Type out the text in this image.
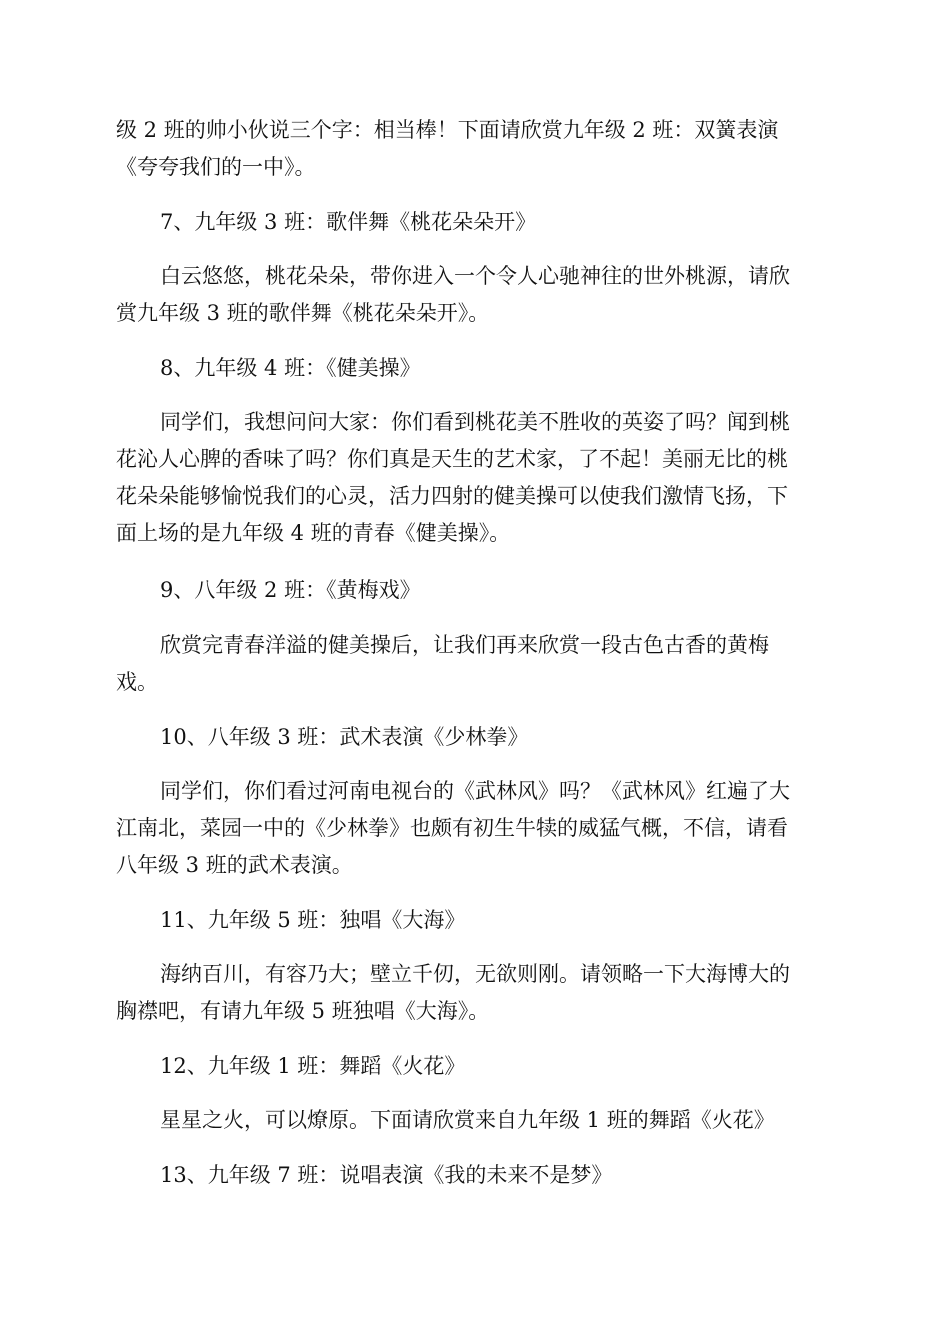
级 2 班的帅小伙说三个字：相当棒！下面请欣赏九年级 2 班：双簧表演
《夸夸我们的一中》。
7、九年级 3 班：歌伴舞《桃花朵朵开》
白云悠悠，桃花朵朵，带你进入一个令人心驰神往的世外桃源，请欣
赏九年级 3 班的歌伴舞《桃花朵朵开》。
8、九年级 4 班：《健美操》
同学们，我想问问大家：你们看到桃花美不胜收的英姿了吗？闻到桃
花沁人心脾的香味了吗？你们真是天生的艺术家，了不起！美丽无比的桃
花朵朵能够愉悦我们的心灵，活力四射的健美操可以使我们激情飞扬，下
面上场的是九年级 4 班的青春《健美操》。
9、八年级 2 班：《黄梅戏》
欣赏完青春洋溢的健美操后，让我们再来欣赏一段古色古香的黄梅
戏。
10、八年级 3 班：武术表演《少林拳》
同学们，你们看过河南电视台的《武林风》吗？《武林风》红遍了大
江南北，菜园一中的《少林拳》也颇有初生牛犊的威猛气概，不信，请看
八年级 3 班的武术表演。
11、九年级 5 班：独唱《大海》
海纳百川，有容乃大；壁立千仞，无欲则刚。请领略一下大海博大的
胸襟吧，有请九年级 5 班独唱《大海》。
12、九年级 1 班：舞蹈《火花》
星星之火，可以燎原。下面请欣赏来自九年级 1 班的舞蹈《火花》
13、九年级 7 班：说唱表演《我的未来不是梦》
